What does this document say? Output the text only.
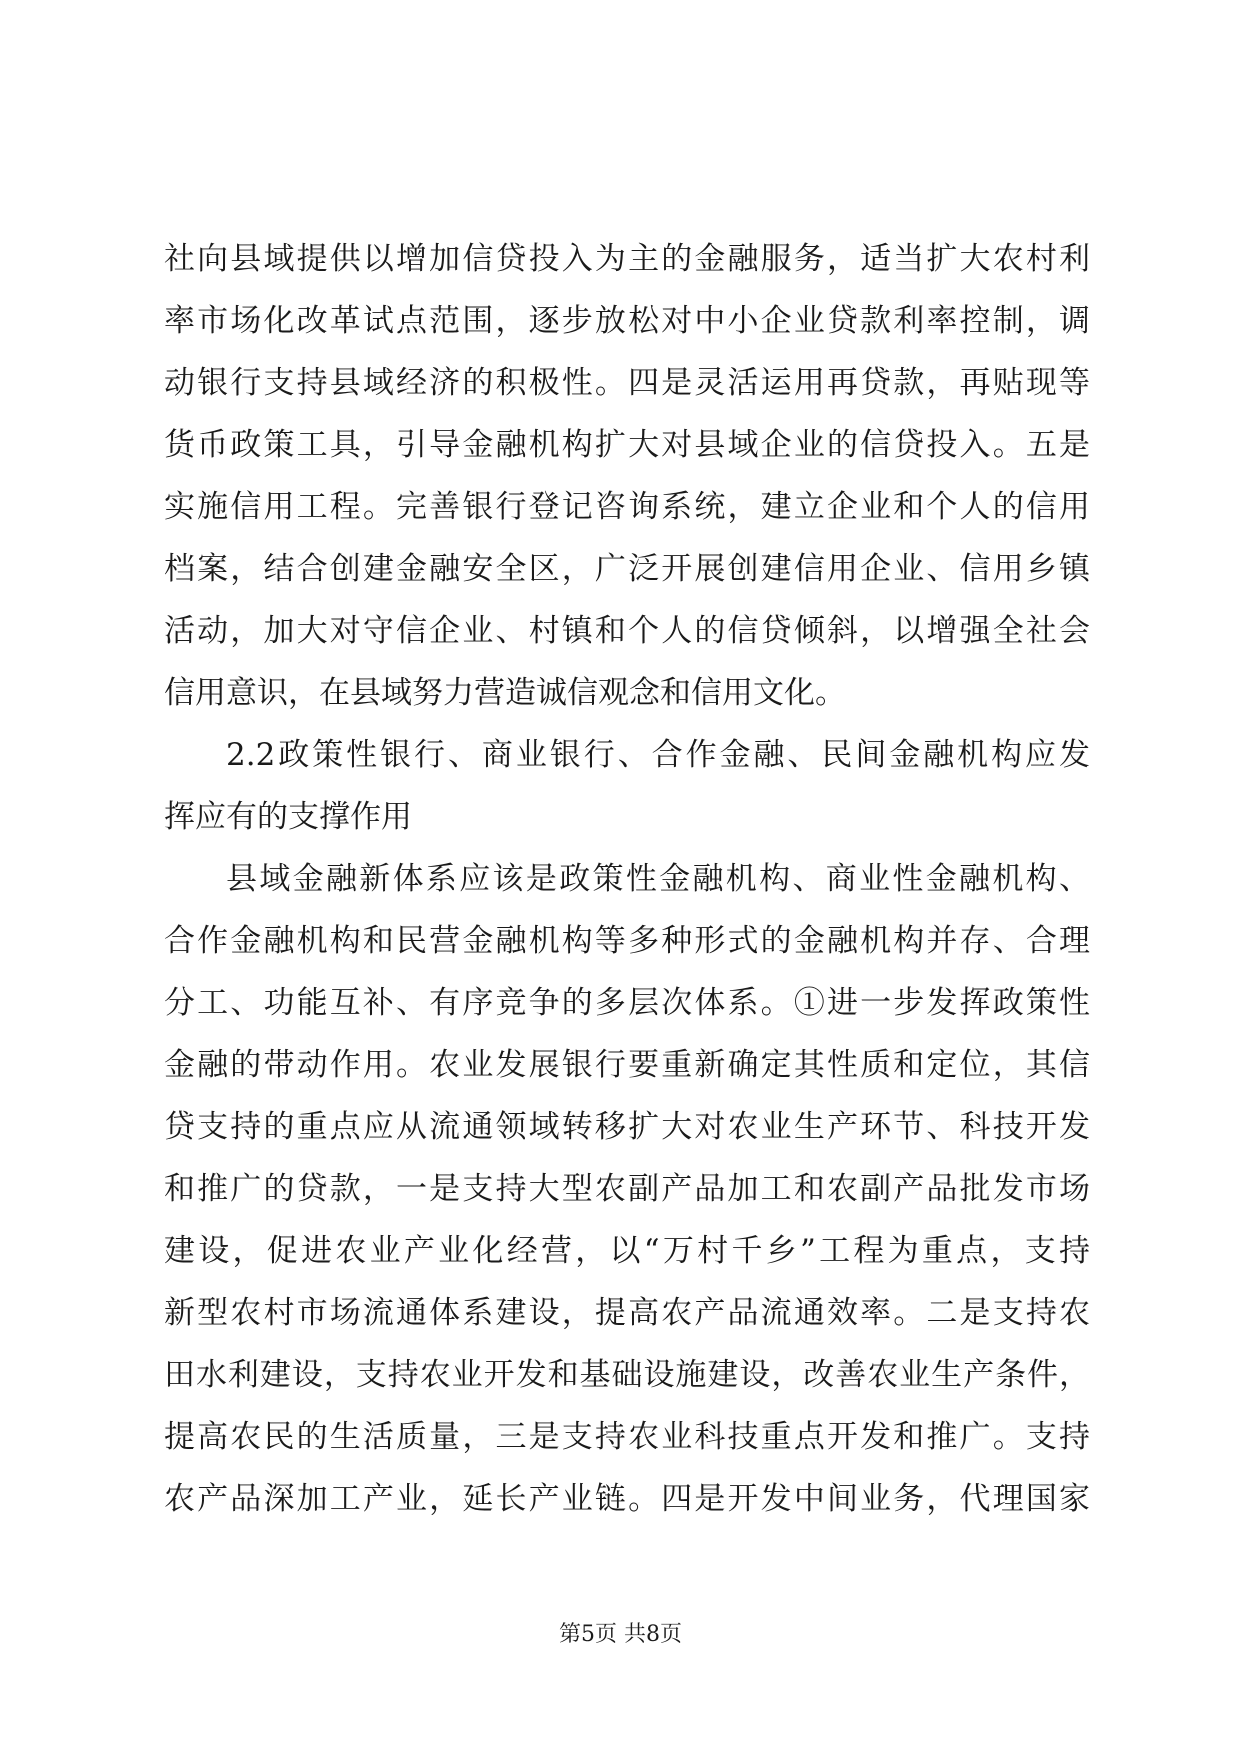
社向县域提供以增加信贷投入为主的金融服务，适当扩大农村利
率市场化改革试点范围，逐步放松对中小企业贷款利率控制，调
动银行支持县域经济的积极性。四是灵活运用再贷款，再贴现等
货币政策工具，引导金融机构扩大对县域企业的信贷投入。五是
实施信用工程。完善银行登记咨询系统，建立企业和个人的信用
档案，结合创建金融安全区，广泛开展创建信用企业、信用乡镇
活动，加大对守信企业、村镇和个人的信贷倾斜，以增强全社会
信用意识，在县域努力营造诚信观念和信用文化。
2.2政策性银行、商业银行、合作金融、民间金融机构应发
挥应有的支撑作用
县域金融新体系应该是政策性金融机构、商业性金融机构、
合作金融机构和民营金融机构等多种形式的金融机构并存、合理
分工、功能互补、有序竞争的多层次体系。①进一步发挥政策性
金融的带动作用。农业发展银行要重新确定其性质和定位，其信
贷支持的重点应从流通领域转移扩大对农业生产环节、科技开发
和推广的贷款，一是支持大型农副产品加工和农副产品批发市场
建设，促进农业产业化经营，以“万村千乡”工程为重点，支持
新型农村市场流通体系建设，提高农产品流通效率。二是支持农
田水利建设，支持农业开发和基础设施建设，改善农业生产条件，
提高农民的生活质量，三是支持农业科技重点开发和推广。支持
农产品深加工产业，延长产业链。四是开发中间业务，代理国家
第5页 共8页
